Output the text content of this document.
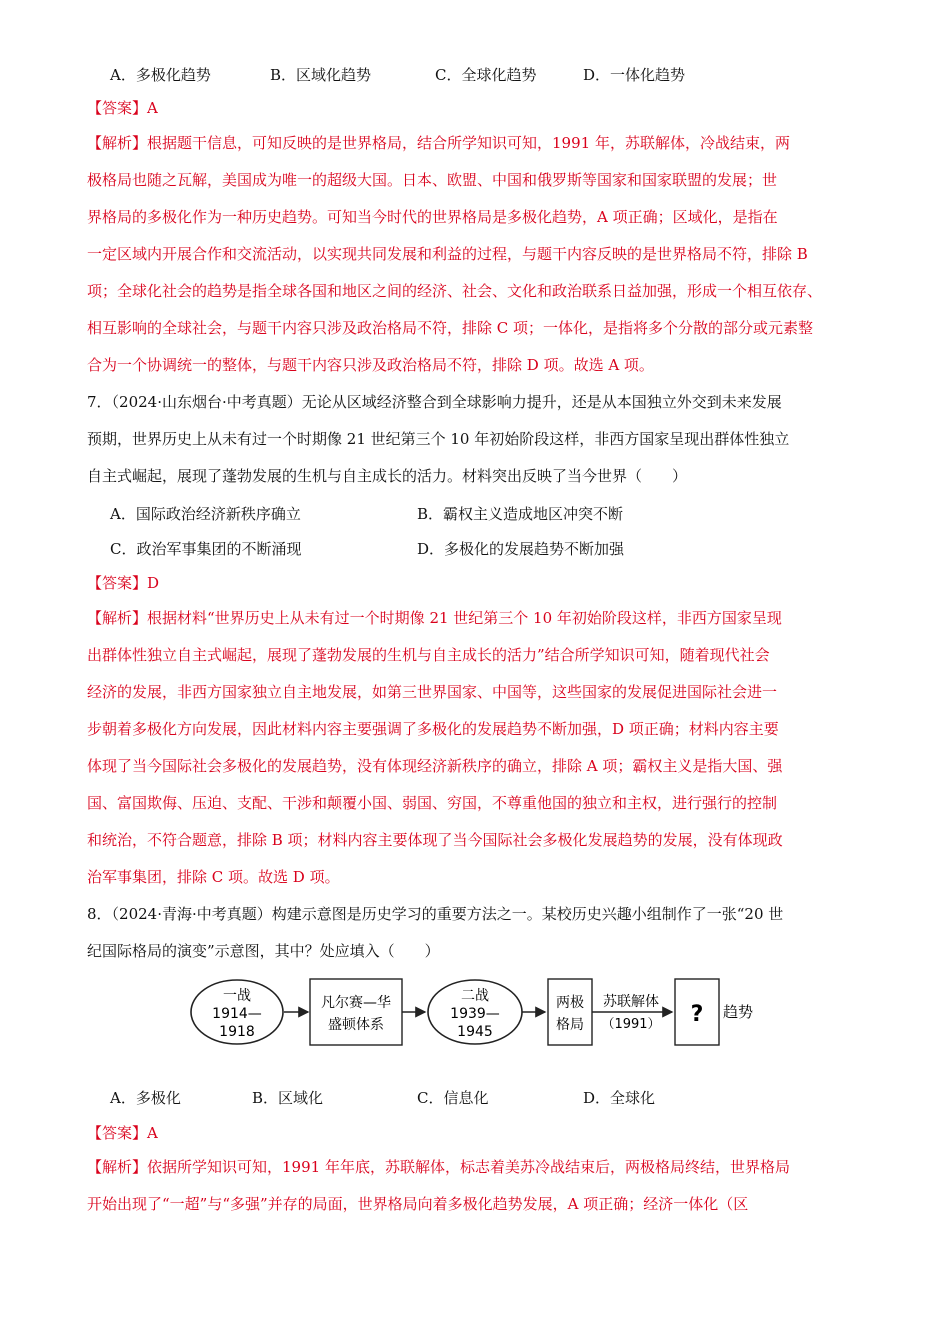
A．多极化趋势	B．区域化趋势	C．全球化趋势	D．一体化趋势
【答案】A
【解析】根据题干信息，可知反映的是世界格局，结合所学知识可知，1991 年，苏联解体，冷战结束，两
极格局也随之瓦解，美国成为唯一的超级大国。日本、欧盟、中国和俄罗斯等国家和国家联盟的发展；世
界格局的多极化作为一种历史趋势。可知当今时代的世界格局是多极化趋势，A 项正确；区域化，是指在
一定区域内开展合作和交流活动，以实现共同发展和利益的过程，与题干内容反映的是世界格局不符，排除 B
项；全球化社会的趋势是指全球各国和地区之间的经济、社会、文化和政治联系日益加强，形成一个相互依存、
相互影响的全球社会，与题干内容只涉及政治格局不符，排除 C 项；一体化，是指将多个分散的部分或元素整
合为一个协调统一的整体，与题干内容只涉及政治格局不符，排除 D 项。故选 A 项。
7．（2024·山东烟台·中考真题）无论从区域经济整合到全球影响力提升，还是从本国独立外交到未来发展
预期，世界历史上从未有过一个时期像 21 世纪第三个 10 年初始阶段这样，非西方国家呈现出群体性独立
自主式崛起，展现了蓬勃发展的生机与自主成长的活力。材料突出反映了当今世界（　　）
A．国际政治经济新秩序确立	B．霸权主义造成地区冲突不断
C．政治军事集团的不断涌现	D．多极化的发展趋势不断加强
【答案】D
【解析】根据材料“世界历史上从未有过一个时期像 21 世纪第三个 10 年初始阶段这样，非西方国家呈现
出群体性独立自主式崛起，展现了蓬勃发展的生机与自主成长的活力”结合所学知识可知，随着现代社会
经济的发展，非西方国家独立自主地发展，如第三世界国家、中国等，这些国家的发展促进国际社会进一
步朝着多极化方向发展，因此材料内容主要强调了多极化的发展趋势不断加强，D 项正确；材料内容主要
体现了当今国际社会多极化的发展趋势，没有体现经济新秩序的确立，排除 A 项；霸权主义是指大国、强
国、富国欺侮、压迫、支配、干涉和颠覆小国、弱国、穷国，不尊重他国的独立和主权，进行强行的控制
和统治，不符合题意，排除 B 项；材料内容主要体现了当今国际社会多极化发展趋势的发展，没有体现政
治军事集团，排除 C 项。故选 D 项。
8．（2024·青海·中考真题）构建示意图是历史学习的重要方法之一。某校历史兴趣小组制作了一张“20 世
纪国际格局的演变”示意图，其中？处应填入（　　）
一战
1914—
1918
凡尔赛—华
盛顿体系
二战
1939—
1945
两极
格局
苏联解体
（1991） ? 趋势
A．多极化	B．区域化	C．信息化	D．全球化
【答案】A
【解析】依据所学知识可知，1991 年年底，苏联解体，标志着美苏冷战结束后，两极格局终结，世界格局
开始出现了“一超”与“多强”并存的局面，世界格局向着多极化趋势发展，A 项正确；经济一体化（区
